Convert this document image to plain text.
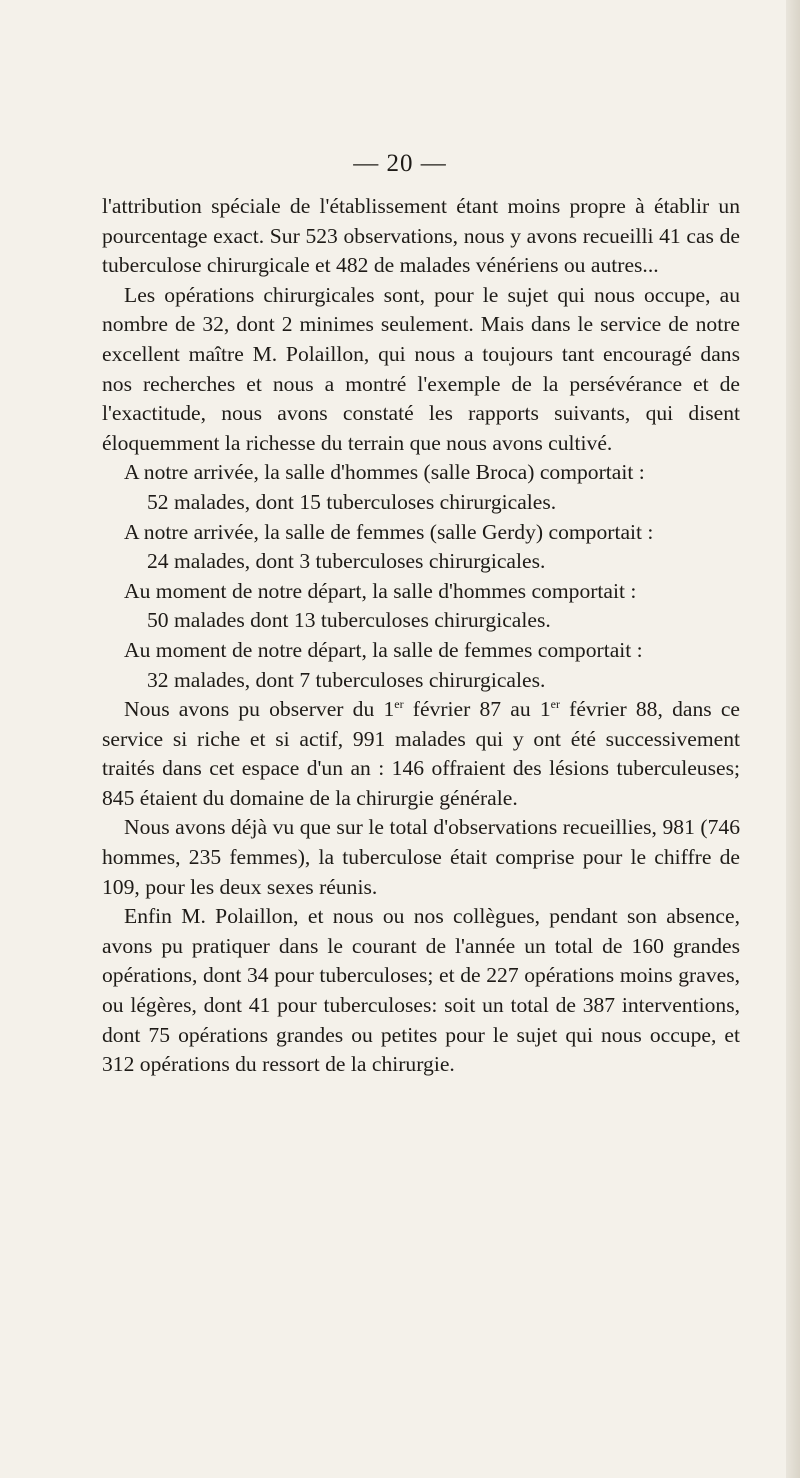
— 20 —

l'attribution spéciale de l'établissement étant moins propre à établir un pourcentage exact. Sur 523 observations, nous y avons recueilli 41 cas de tuberculose chirurgicale et 482 de malades vénériens ou autres...

Les opérations chirurgicales sont, pour le sujet qui nous occupe, au nombre de 32, dont 2 minimes seulement. Mais dans le service de notre excellent maître M. Polaillon, qui nous a toujours tant encouragé dans nos recherches et nous a montré l'exemple de la persévérance et de l'exactitude, nous avons constaté les rapports suivants, qui disent éloquemment la richesse du terrain que nous avons cultivé.

A notre arrivée, la salle d'hommes (salle Broca) comportait :

52 malades, dont 15 tuberculoses chirurgicales.

A notre arrivée, la salle de femmes (salle Gerdy) comportait :

24 malades, dont 3 tuberculoses chirurgicales.

Au moment de notre départ, la salle d'hommes comportait :

50 malades dont 13 tuberculoses chirurgicales.

Au moment de notre départ, la salle de femmes comportait :

32 malades, dont 7 tuberculoses chirurgicales.

Nous avons pu observer du 1er février 87 au 1er février 88, dans ce service si riche et si actif, 991 malades qui y ont été successivement traités dans cet espace d'un an : 146 offraient des lésions tuberculeuses; 845 étaient du domaine de la chirurgie générale.

Nous avons déjà vu que sur le total d'observations recueillies, 981 (746 hommes, 235 femmes), la tuberculose était comprise pour le chiffre de 109, pour les deux sexes réunis.

Enfin M. Polaillon, et nous ou nos collègues, pendant son absence, avons pu pratiquer dans le courant de l'année un total de 160 grandes opérations, dont 34 pour tuberculoses; et de 227 opérations moins graves, ou légères, dont 41 pour tuberculoses: soit un total de 387 interventions, dont 75 opérations grandes ou petites pour le sujet qui nous occupe, et 312 opérations du ressort de la chirurgie.
